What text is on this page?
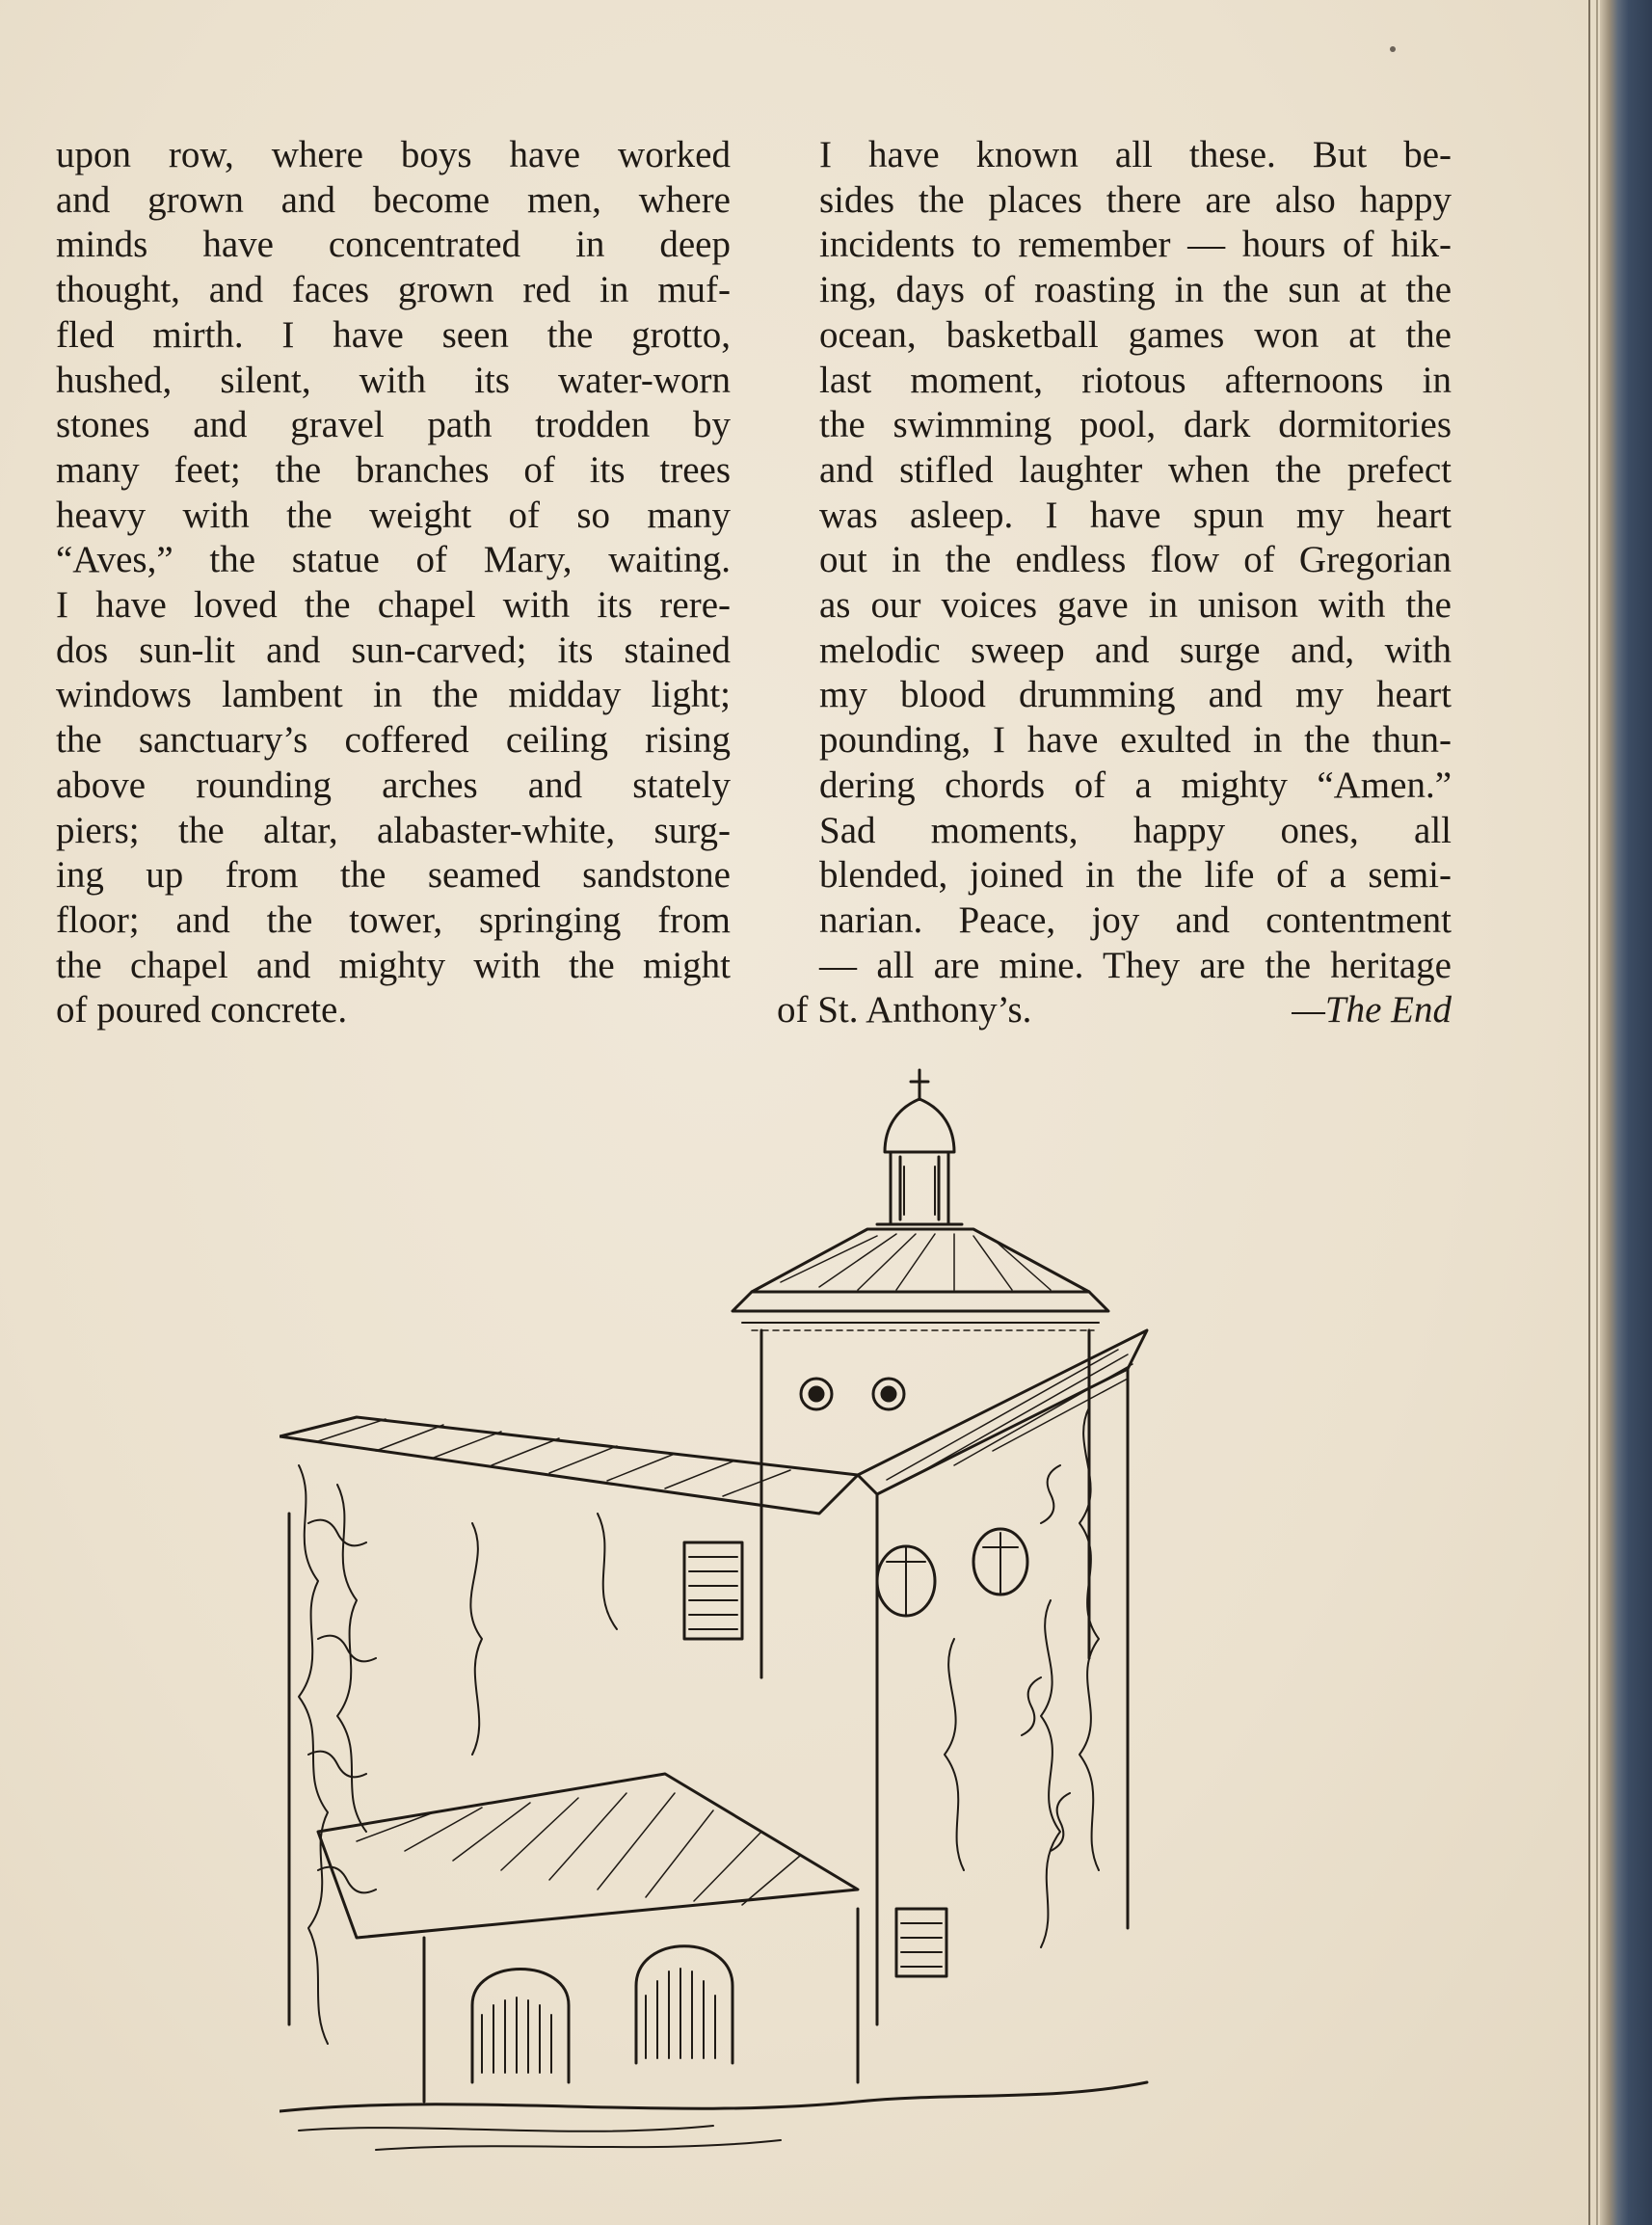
upon row, where boys have worked
and grown and become men, where
minds have concentrated in deep
thought, and faces grown red in muf-
fled mirth. I have seen the grotto,
hushed, silent, with its water-worn
stones and gravel path trodden by
many feet; the branches of its trees
heavy with the weight of so many
“Aves,” the statue of Mary, waiting.
I have loved the chapel with its rere-
dos sun-lit and sun-carved; its stained
windows lambent in the midday light;
the sanctuary’s coffered ceiling rising
above rounding arches and stately
piers; the altar, alabaster-white, surg-
ing up from the seamed sandstone
floor; and the tower, springing from
the chapel and mighty with the might
of poured concrete.

I have known all these. But be-
sides the places there are also happy
incidents to remember — hours of hik-
ing, days of roasting in the sun at the
ocean, basketball games won at the
last moment, riotous afternoons in
the swimming pool, dark dormitories
and stifled laughter when the prefect
was asleep. I have spun my heart
out in the endless flow of Gregorian
as our voices gave in unison with the
melodic sweep and surge and, with
my blood drumming and my heart
pounding, I have exulted in the thun-
dering chords of a mighty “Amen.”

Sad moments, happy ones, all
blended, joined in the life of a semi-
narian. Peace, joy and contentment
— all are mine. They are the heritage

of St. Anthony’s.	—The End
